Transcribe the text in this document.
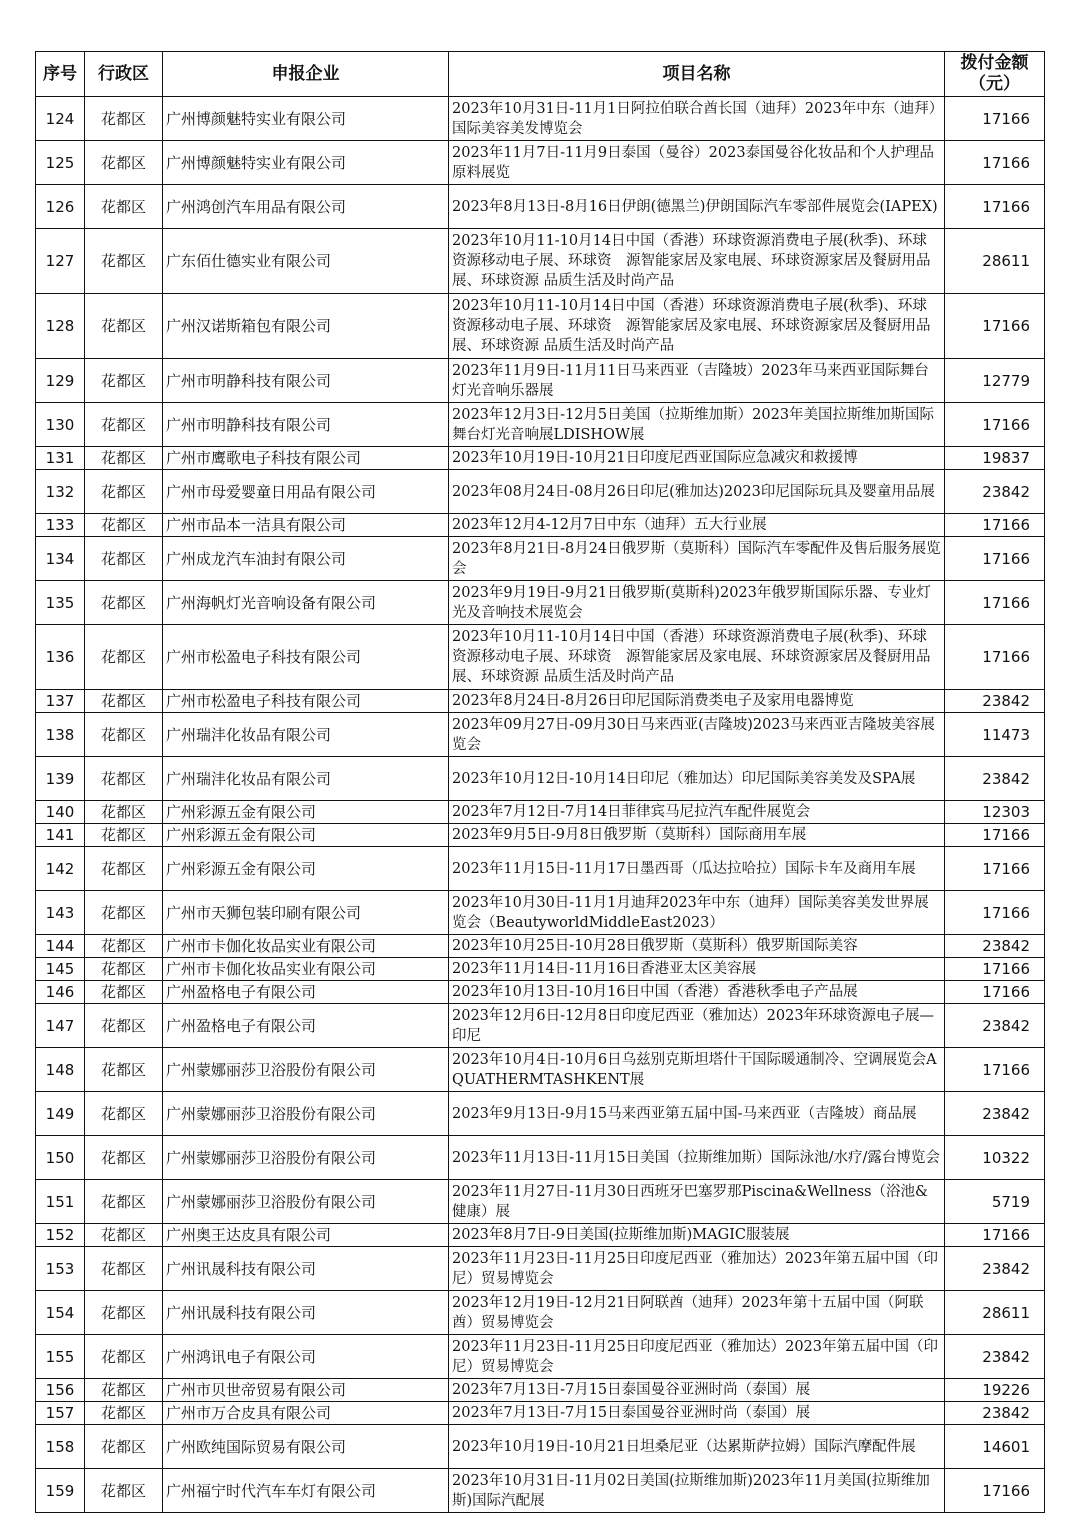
序号	行政区	申报企业	项目名称	拨付金额（元）
124	花都区	广州博颜魅特实业有限公司	2023年10月31日-11月1日阿拉伯联合酋长国（迪拜）2023年中东（迪拜）国际美容美发博览会	17166
125	花都区	广州博颜魅特实业有限公司	2023年11月7日-11月9日泰国（曼谷）2023泰国曼谷化妆品和个人护理品原料展览	17166
126	花都区	广州鸿创汽车用品有限公司	2023年8月13日-8月16日伊朗(德黑兰)伊朗国际汽车零部件展览会(IAPEX)	17166
127	花都区	广东佰仕德实业有限公司	2023年10月11-10月14日中国（香港）环球资源消费电子展(秋季)、环球资源移动电子展、环球资　源智能家居及家电展、环球资源家居及餐厨用品展、环球资源 品质生活及时尚产品	28611
128	花都区	广州汉诺斯箱包有限公司	2023年10月11-10月14日中国（香港）环球资源消费电子展(秋季)、环球资源移动电子展、环球资　源智能家居及家电展、环球资源家居及餐厨用品展、环球资源 品质生活及时尚产品	17166
129	花都区	广州市明静科技有限公司	2023年11月9日-11月11日马来西亚（吉隆坡）2023年马来西亚国际舞台灯光音响乐器展	12779
130	花都区	广州市明静科技有限公司	2023年12月3日-12月5日美国（拉斯维加斯）2023年美国拉斯维加斯国际舞台灯光音响展LDISHOW展	17166
131	花都区	广州市鹰歌电子科技有限公司	2023年10月19日-10月21日印度尼西亚国际应急减灾和救援博	19837
132	花都区	广州市母爱婴童日用品有限公司	2023年08月24日-08月26日印尼(雅加达)2023印尼国际玩具及婴童用品展	23842
133	花都区	广州市品本一洁具有限公司	2023年12月4-12月7日中东（迪拜）五大行业展	17166
134	花都区	广州成龙汽车油封有限公司	2023年8月21日-8月24日俄罗斯（莫斯科）国际汽车零配件及售后服务展览会	17166
135	花都区	广州海帆灯光音响设备有限公司	2023年9月19日-9月21日俄罗斯(莫斯科)2023年俄罗斯国际乐器、专业灯光及音响技术展览会	17166
136	花都区	广州市松盈电子科技有限公司	2023年10月11-10月14日中国（香港）环球资源消费电子展(秋季)、环球资源移动电子展、环球资　源智能家居及家电展、环球资源家居及餐厨用品展、环球资源 品质生活及时尚产品	17166
137	花都区	广州市松盈电子科技有限公司	2023年8月24日-8月26日印尼国际消费类电子及家用电器博览	23842
138	花都区	广州瑞沣化妆品有限公司	2023年09月27日-09月30日马来西亚(吉隆坡)2023马来西亚吉隆坡美容展览会	11473
139	花都区	广州瑞沣化妆品有限公司	2023年10月12日-10月14日印尼（雅加达）印尼国际美容美发及SPA展	23842
140	花都区	广州彩源五金有限公司	2023年7月12日-7月14日菲律宾马尼拉汽车配件展览会	12303
141	花都区	广州彩源五金有限公司	2023年9月5日-9月8日俄罗斯（莫斯科）国际商用车展	17166
142	花都区	广州彩源五金有限公司	2023年11月15日-11月17日墨西哥（瓜达拉哈拉）国际卡车及商用车展	17166
143	花都区	广州市天狮包装印刷有限公司	2023年10月30日-11月1月迪拜2023年中东（迪拜）国际美容美发世界展览会（BeautyworldMiddleEast2023）	17166
144	花都区	广州市卡伽化妆品实业有限公司	2023年10月25日-10月28日俄罗斯（莫斯科）俄罗斯国际美容	23842
145	花都区	广州市卡伽化妆品实业有限公司	2023年11月14日-11月16日香港亚太区美容展	17166
146	花都区	广州盈格电子有限公司	2023年10月13日-10月16日中国（香港）香港秋季电子产品展	17166
147	花都区	广州盈格电子有限公司	2023年12月6日-12月8日印度尼西亚（雅加达）2023年环球资源电子展—印尼	23842
148	花都区	广州蒙娜丽莎卫浴股份有限公司	2023年10月4日-10月6日乌兹别克斯坦塔什干国际暖通制冷、空调展览会AQUATHERMTASHKENT展	17166
149	花都区	广州蒙娜丽莎卫浴股份有限公司	2023年9月13日-9月15马来西亚第五届中国-马来西亚（吉隆坡）商品展	23842
150	花都区	广州蒙娜丽莎卫浴股份有限公司	2023年11月13日-11月15日美国（拉斯维加斯）国际泳池/水疗/露台博览会	10322
151	花都区	广州蒙娜丽莎卫浴股份有限公司	2023年11月27日-11月30日西班牙巴塞罗那Piscina&Wellness（浴池&健康）展	5719
152	花都区	广州奥王达皮具有限公司	2023年8月7日-9日美国(拉斯维加斯)MAGIC服装展	17166
153	花都区	广州讯晟科技有限公司	2023年11月23日-11月25日印度尼西亚（雅加达）2023年第五届中国（印尼）贸易博览会	23842
154	花都区	广州讯晟科技有限公司	2023年12月19日-12月21日阿联酋（迪拜）2023年第十五届中国（阿联酋）贸易博览会	28611
155	花都区	广州鸿讯电子有限公司	2023年11月23日-11月25日印度尼西亚（雅加达）2023年第五届中国（印尼）贸易博览会	23842
156	花都区	广州市贝世帝贸易有限公司	2023年7月13日-7月15日泰国曼谷亚洲时尚（泰国）展	19226
157	花都区	广州市万合皮具有限公司	2023年7月13日-7月15日泰国曼谷亚洲时尚（泰国）展	23842
158	花都区	广州欧纯国际贸易有限公司	2023年10月19日-10月21日坦桑尼亚（达累斯萨拉姆）国际汽摩配件展	14601
159	花都区	广州福宁时代汽车车灯有限公司	2023年10月31日-11月02日美国(拉斯维加斯)2023年11月美国(拉斯维加斯)国际汽配展	17166
